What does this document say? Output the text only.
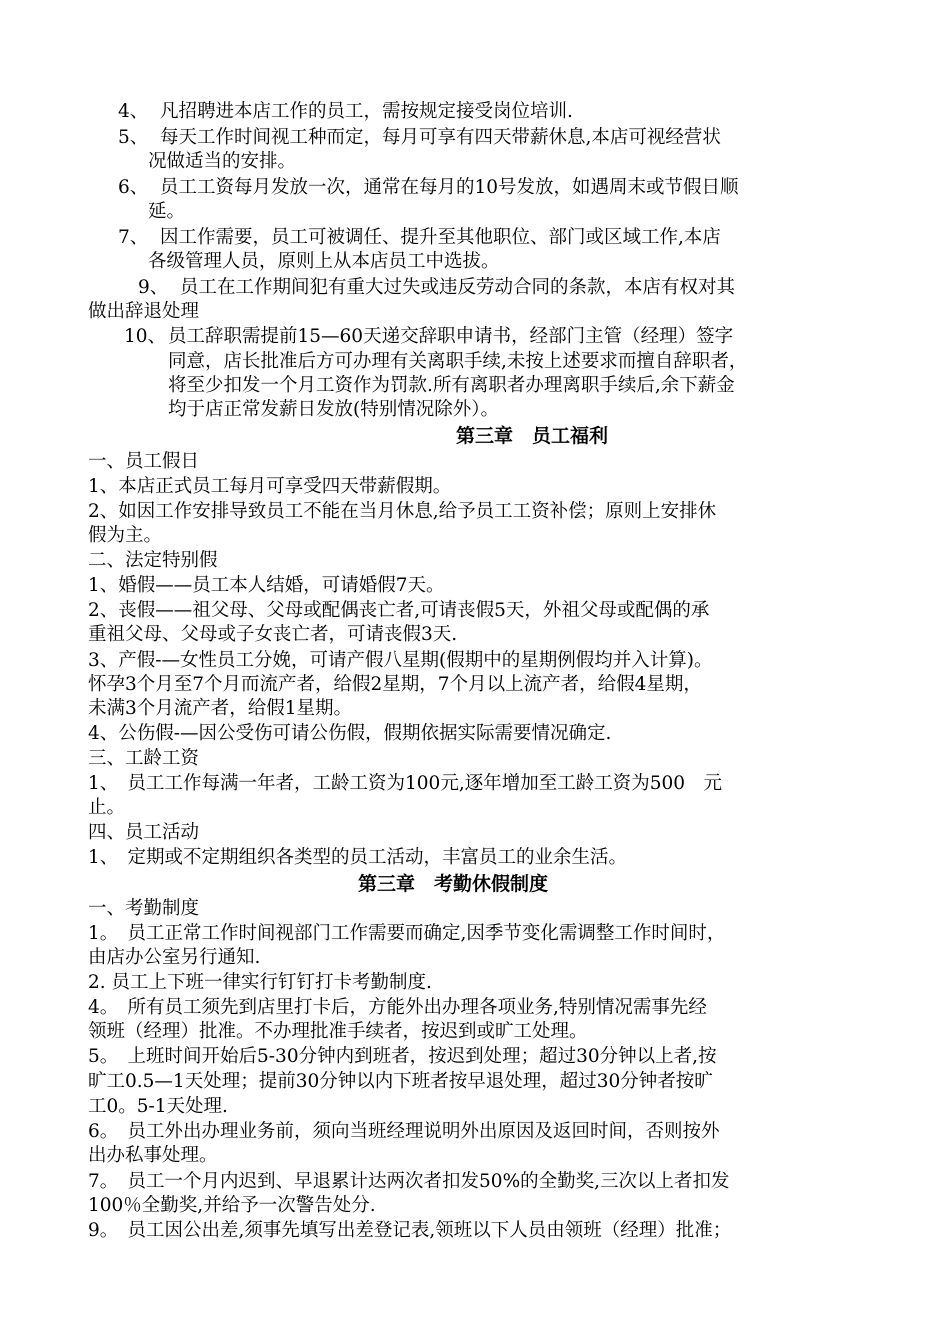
4、 凡招聘进本店工作的员工，需按规定接受岗位培训.
5、 每天工作时间视工种而定，每月可享有四天带薪休息,本店可视经营状
况做适当的安排。
6、 员工工资每月发放一次，通常在每月的10号发放，如遇周末或节假日顺
延。
7、 因工作需要，员工可被调任、提升至其他职位、部门或区域工作,本店
各级管理人员，原则上从本店员工中选拔。
9、 员工在工作期间犯有重大过失或违反劳动合同的条款，本店有权对其
做出辞退处理
10、 员工辞职需提前15—60天递交辞职申请书，经部门主管（经理）签字
同意，店长批准后方可办理有关离职手续,未按上述要求而擅自辞职者，
将至少扣发一个月工资作为罚款.所有离职者办理离职手续后,余下薪金
均于店正常发薪日发放(特别情况除外）。
第三章　员工福利
一、员工假日
1、本店正式员工每月可享受四天带薪假期。
2、如因工作安排导致员工不能在当月休息,给予员工工资补偿；原则上安排休
假为主。
二、法定特别假
1、婚假——员工本人结婚，可请婚假7天。
2、丧假——祖父母、父母或配偶丧亡者,可请丧假5天，外祖父母或配偶的承
重祖父母、父母或子女丧亡者，可请丧假3天.
3、产假-—女性员工分娩，可请产假八星期(假期中的星期例假均并入计算)。
怀孕3个月至7个月而流产者，给假2星期，7个月以上流产者，给假4星期，
未满3个月流产者，给假1星期。
4、公伤假-—因公受伤可请公伤假，假期依据实际需要情况确定.
三、工龄工资
1、　员工工作每满一年者，工龄工资为100元,逐年增加至工龄工资为500　元
止。
四、员工活动
1、　定期或不定期组织各类型的员工活动，丰富员工的业余生活。
第三章　考勤休假制度
一、考勤制度
1。　员工正常工作时间视部门工作需要而确定,因季节变化需调整工作时间时，
由店办公室另行通知.
2. 员工上下班一律实行钉钉打卡考勤制度.
4。　所有员工须先到店里打卡后，方能外出办理各项业务,特别情况需事先经
领班（经理）批准。不办理批准手续者，按迟到或旷工处理。
5。　上班时间开始后5-30分钟内到班者，按迟到处理；超过30分钟以上者,按
旷工0.5—1天处理；提前30分钟以内下班者按早退处理，超过30分钟者按旷
工0。5-1天处理.
6。　员工外出办理业务前，须向当班经理说明外出原因及返回时间，否则按外
出办私事处理。
7。　员工一个月内迟到、早退累计达两次者扣发50%的全勤奖,三次以上者扣发
100％全勤奖,并给予一次警告处分.
9。　员工因公出差,须事先填写出差登记表,领班以下人员由领班（经理）批准；
